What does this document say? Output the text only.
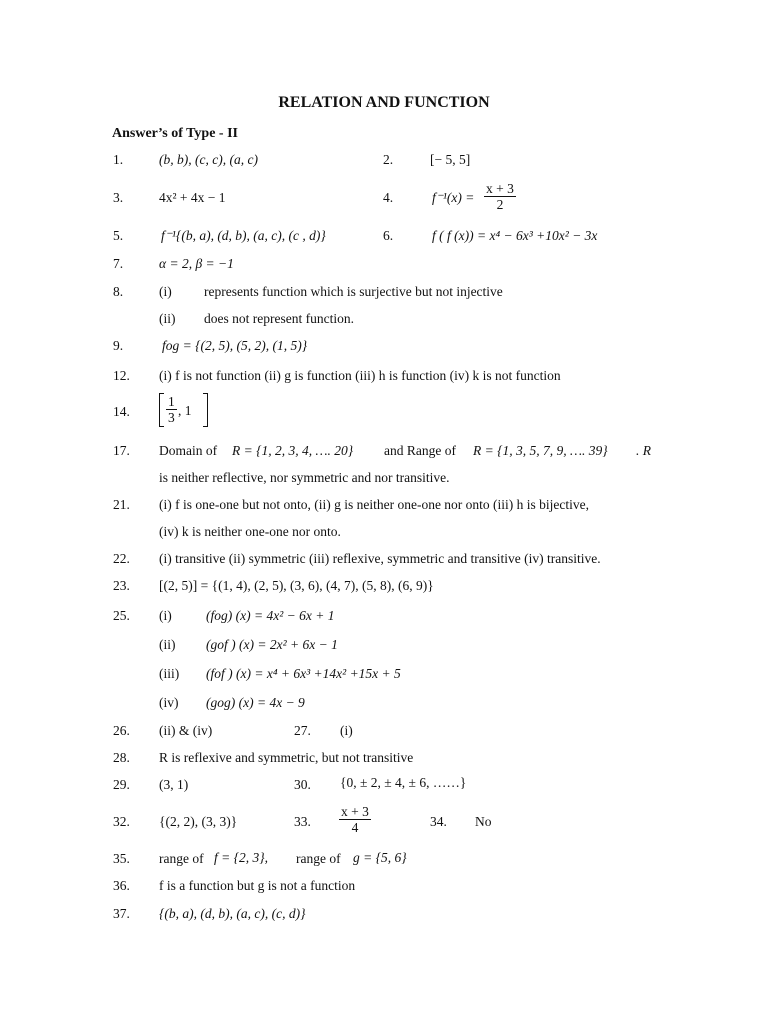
RELATION AND FUNCTION
Answer’s of Type - II
1.	(b, b), (c, c), (a, c)	2.	[− 5, 5]
3.	4x² + 4x − 1	4.	$f^{-1}(x) = \frac{x + 3}{2}$
5.	f⁻¹{(b, a), (d, b), (a, c), (c , d)}	6.	f ( f (x)) = x⁴ − 6x³ +10x² − 3x
7.	α = 2, β = −1
8.	(i) represents function which is surjective but not injective
(ii) does not represent function.
9.	fog = {(2, 5), (5, 2), (1, 5)}
12. (i) f is not function (ii) g is function (iii) h is function (iv) k is not function
14.	$\frac{1}{3}$ , 1
17. Domain of R = {1, 2, 3, 4, …. 20} and Range of R = {1, 3, 5, 7, 9, …. 39} . R
is neither reflective, nor symmetric and nor transitive.
21. (i) f is one-one but not onto, (ii) g is neither one-one nor onto (iii) h is bijective,
(iv) k is neither one-one nor onto.
22. (i) transitive (ii) symmetric (iii) reflexive, symmetric and transitive (iv) transitive.
23. [(2, 5)] = {(1, 4), (2, 5), (3, 6), (4, 7), (5, 8), (6, 9)}
25. (i)	(fog) (x) = 4x² − 6x + 1
(ii) (gof ) (x) = 2x² + 6x − 1
(iii) (fof ) (x) = x⁴ + 6x³ +14x² +15x + 5
(iv) (gog) (x) = 4x − 9
26. (ii) & (iv)	27. (i)
28. R is reflexive and symmetric, but not transitive
29. (3, 1)	30. {0, ± 2, ± 4, ± 6, ……}
32. {(2, 2), (3, 3)}	33. $\frac{x + 3}{4}$	34. No
35. range of f = {2, 3}, range of g = {5, 6}
36. f is a function but g is not a function
37. {(b, a), (d, b), (a, c), (c, d)}
